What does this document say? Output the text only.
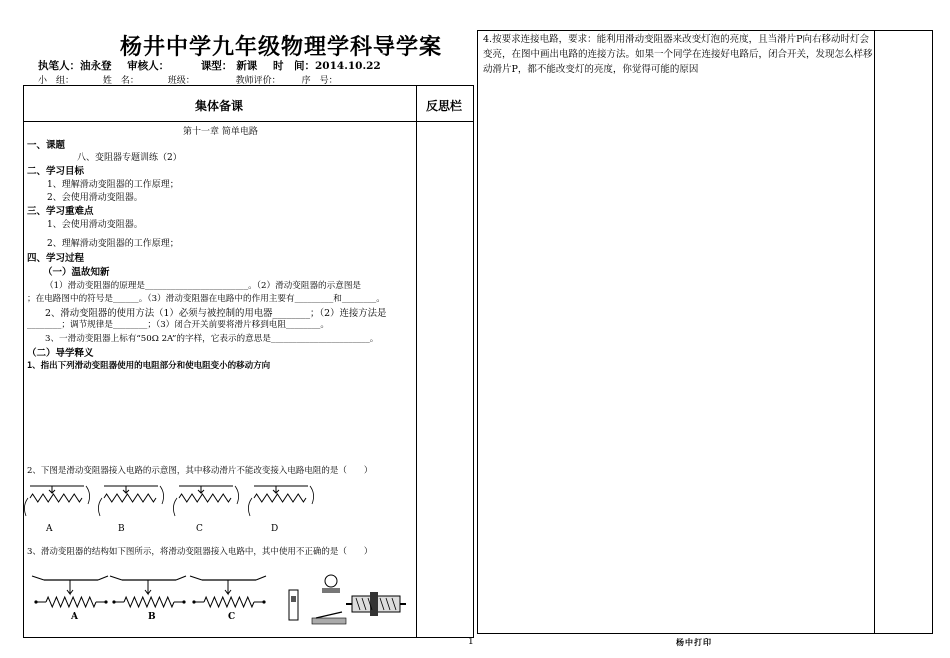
杨井中学九年级物理学科导学案
执笔人：油永登 审核人：	课型： 新课 时　间：2014.10.22
小　组：	姓　名：	班级：	教师评价： 序　号：
集体备课	反思栏
第十一章 简单电路
一、课题
八、变阻器专题训练（2）
二、学习目标
1、理解滑动变阻器的工作原理；
2、会使用滑动变阻器。
三、学习重难点
1、会使用滑动变阻器。
2、理解滑动变阻器的工作原理；
四、学习过程
（一）温故知新
（1）滑动变阻器的原理是________________________。（2）滑动变阻器的示意图是
；在电路图中的符号是______。（3）滑动变阻器在电路中的作用主要有_________和________。
2、滑动变阻器的使用方法（1）必须与被控制的用电器________；（2）连接方法是
________；调节规律是________；（3）闭合开关前要将滑片移到电阻________。
3、一滑动变阻器上标有“50Ω 2A”的字样，它表示的意思是_______________________。
（二）导学释义
1、指出下列滑动变阻器使用的电阻部分和使电阻变小的移动方向
2、下图是滑动变阻器接入电路的示意图，其中移动滑片不能改变接入电路电阻的是（　　）
A	B	C	D
3、滑动变阻器的结构如下图所示，将滑动变阻器接入电路中，其中使用不正确的是（　　）
A	B	C
4.按要求连接电路，要求：能利用滑动变阻器来改变灯泡的亮度，且当滑片P向右移动时灯会变亮，在图中画出电路的连接方法。如果一个同学在连接好电路后，闭合开关，发现怎么样移动滑片P，都不能改变灯的亮度，你觉得可能的原因
1	杨中打印
